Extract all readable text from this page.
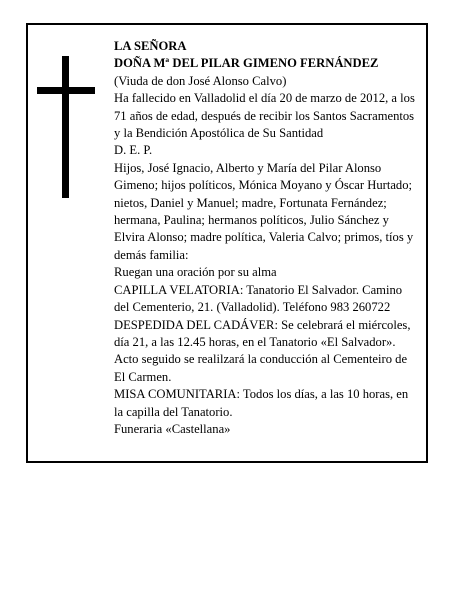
LA SEÑORA
DOÑA Mª DEL PILAR GIMENO FERNÁNDEZ
(Viuda de don José Alonso Calvo)
Ha fallecido en Valladolid el día 20 de marzo de 2012, a los 71 años de edad, después de recibir los Santos Sacramentos y la Bendición Apostólica de Su Santidad
D. E. P.
Hijos, José Ignacio, Alberto y María del Pilar Alonso Gimeno; hijos políticos, Mónica Moyano y Óscar Hurtado; nietos, Daniel y Manuel; madre, Fortunata Fernández; hermana, Paulina; hermanos políticos, Julio Sánchez y Elvira Alonso; madre política, Valeria Calvo; primos, tíos y demás familia:
Ruegan una oración por su alma
CAPILLA VELATORIA: Tanatorio El Salvador. Camino del Cementerio, 21. (Valladolid). Teléfono 983 260722
DESPEDIDA DEL CADÁVER: Se celebrará el miércoles, día 21, a las 12.45 horas, en el Tanatorio «El Salvador». Acto seguido se realilzará la conducción al Cementeiro de El Carmen.
MISA COMUNITARIA: Todos los días, a las 10 horas, en la capilla del Tanatorio.
Funeraria «Castellana»
